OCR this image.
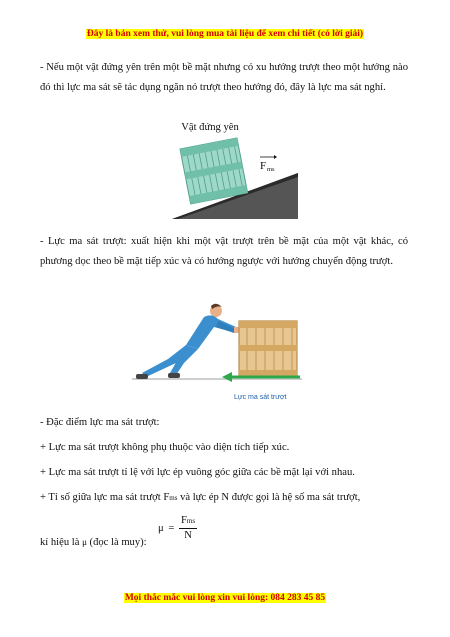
Đây là bản xem thử, vui lòng mua tài liệu để xem chi tiết (có lời giải)
- Nếu một vật đứng yên trên một bề mặt nhưng có xu hướng trượt theo một hướng nào đó thì lực ma sát sẽ tác dụng ngăn nó trượt theo hướng đó, đây là lực ma sát nghỉ.
Vật đứng yên
F ms
- Lực ma sát trượt: xuất hiện khi một vật trượt trên bề mặt của một vật khác, có phương dọc theo bề mặt tiếp xúc và có hướng ngược với hướng chuyển động trượt.
Lực ma sát trượt
- Đặc điểm lực ma sát trượt:
+ Lực ma sát trượt không phụ thuộc vào diện tích tiếp xúc.
+ Lực ma sát trượt tỉ lệ với lực ép vuông góc giữa các bề mặt lại với nhau.
+ Tỉ số giữa lực ma sát trượt Fms và lực ép N được gọi là hệ số ma sát trượt,
kí hiệu là μ (đọc là muy):
μ =
Fms
N
Mọi thắc mắc vui lòng xin vui lòng: 084 283 45 85
